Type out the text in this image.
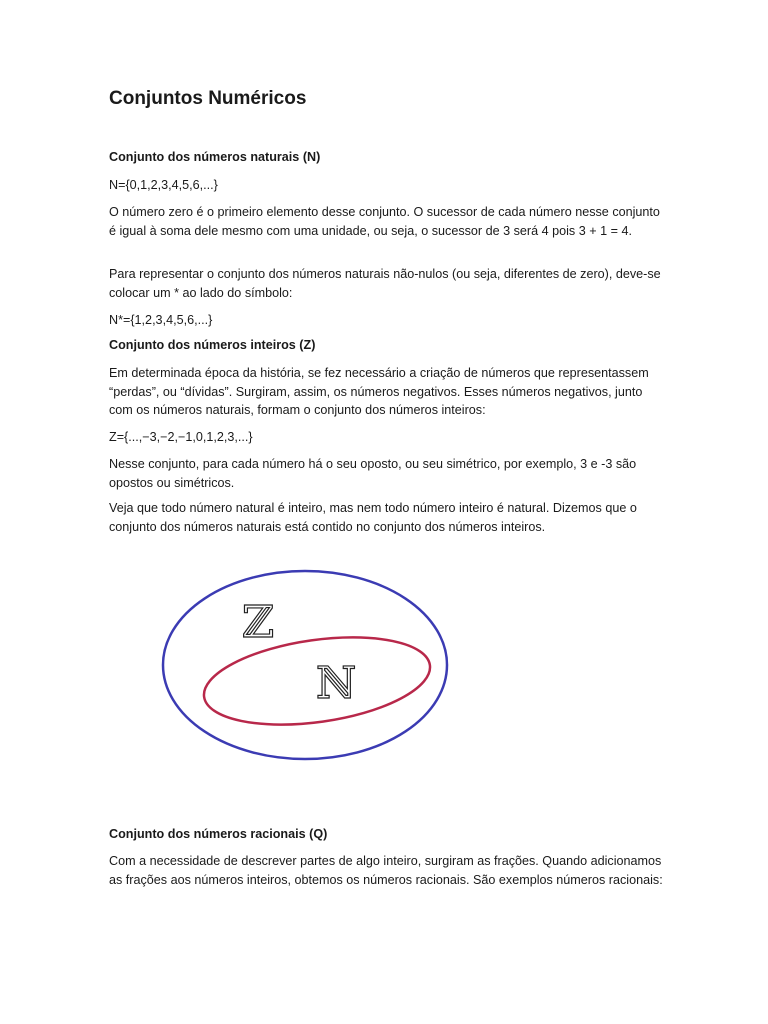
Conjuntos Numéricos

Conjunto dos números naturais (N)

N={0,1,2,3,4,5,6,...}

O número zero é o primeiro elemento desse conjunto. O sucessor de cada número nesse conjunto é igual à soma dele mesmo com uma unidade, ou seja, o sucessor de 3 será 4 pois 3 + 1 = 4.

Para representar o conjunto dos números naturais não-nulos (ou seja, diferentes de zero), deve-se colocar um * ao lado do símbolo:

N*={1,2,3,4,5,6,...}

Conjunto dos números inteiros (Z)

Em determinada época da história, se fez necessário a criação de números que representassem “perdas”, ou “dívidas”. Surgiram, assim, os números negativos. Esses números negativos, junto com os números naturais, formam o conjunto dos números inteiros:

Z={...,−3,−2,−1,0,1,2,3,...}

Nesse conjunto, para cada número há o seu oposto, ou seu simétrico, por exemplo, 3 e -3 são opostos ou simétricos.

Veja que todo número natural é inteiro, mas nem todo número inteiro é natural. Dizemos que o conjunto dos números naturais está contido no conjunto dos números inteiros.

Conjunto dos números racionais (Q)

Com a necessidade de descrever partes de algo inteiro, surgiram as frações. Quando adicionamos as frações aos números inteiros, obtemos os números racionais. São exemplos números racionais:

ℤ
ℕ
